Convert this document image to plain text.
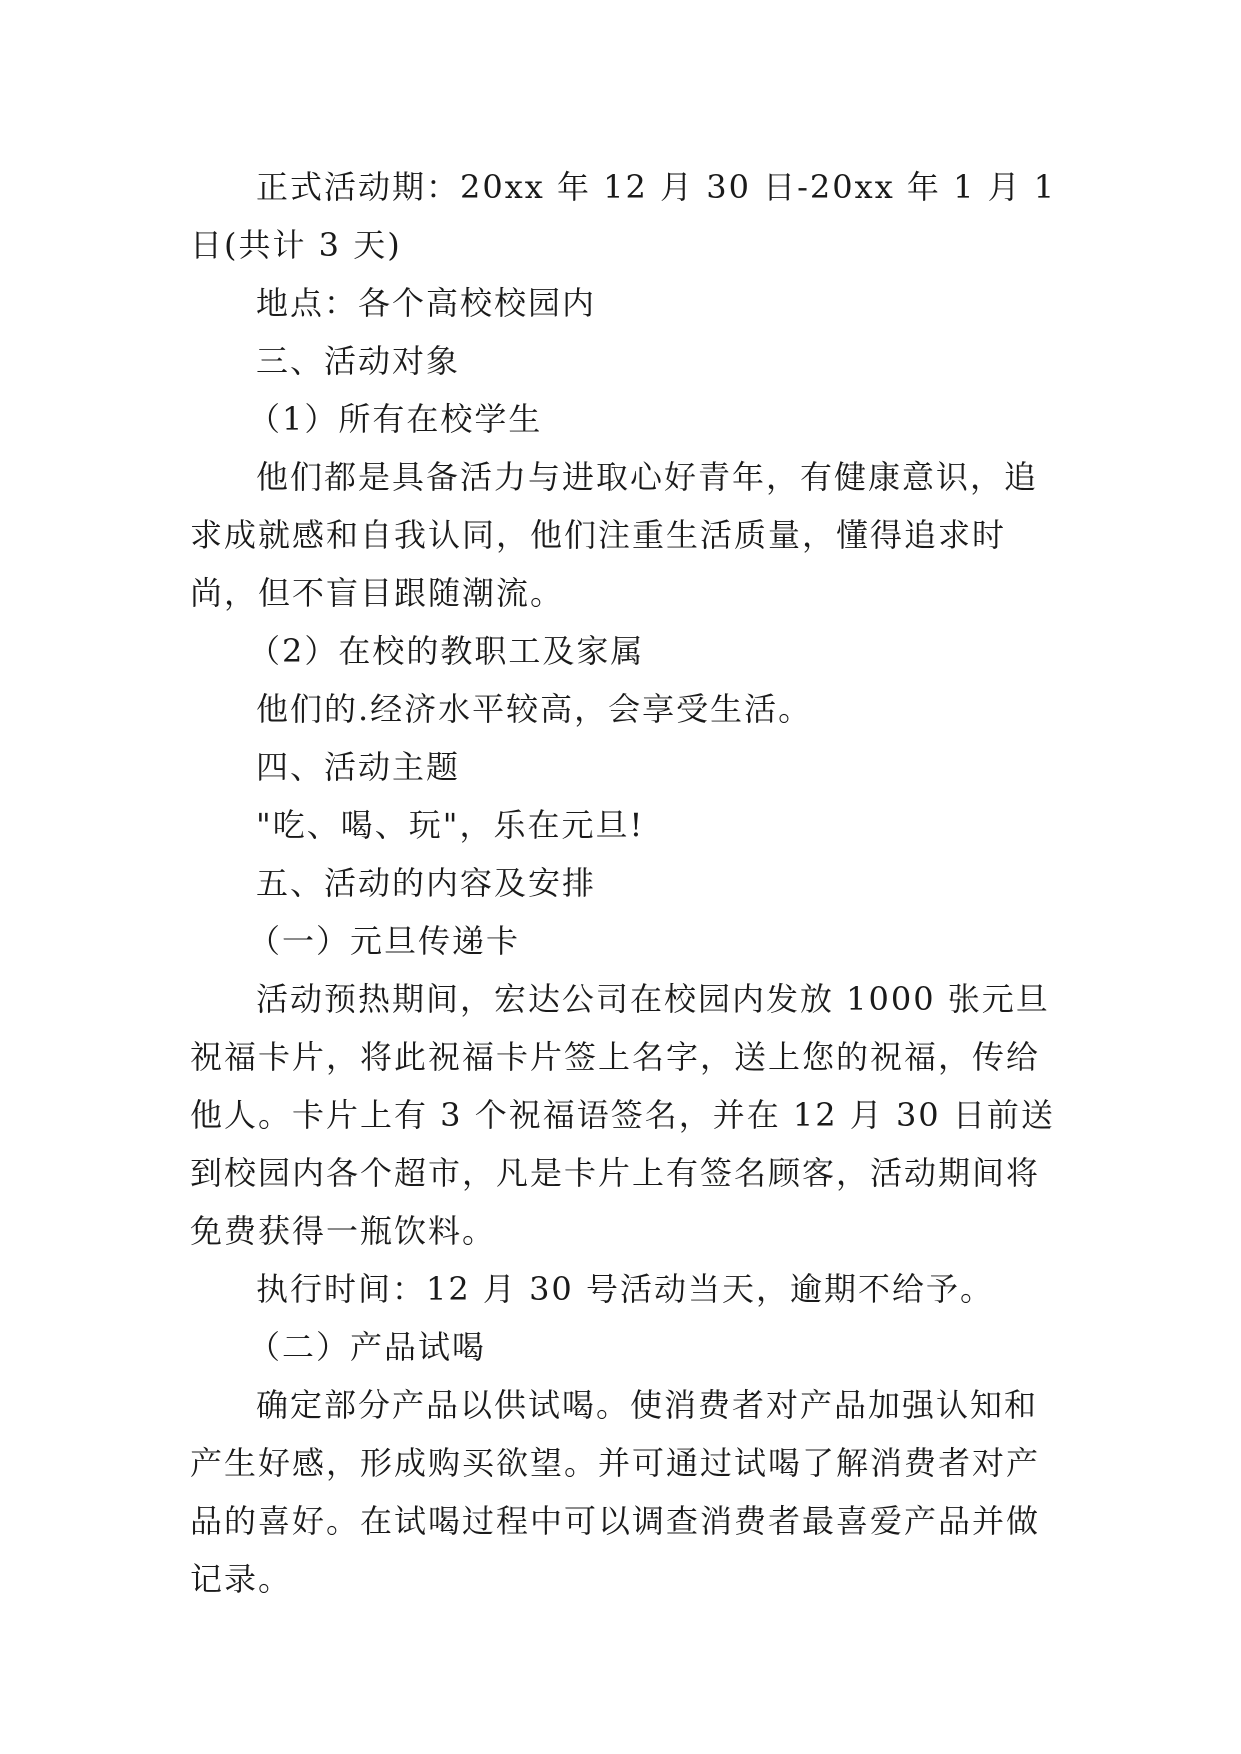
正式活动期：20xx 年 12 月 30 日-20xx 年 1 月 1 日(共计 3 天)

地点：各个高校校园内

三、活动对象

（1）所有在校学生

他们都是具备活力与进取心好青年，有健康意识，追求成就感和自我认同，他们注重生活质量，懂得追求时尚，但不盲目跟随潮流。

（2）在校的教职工及家属

他们的.经济水平较高，会享受生活。

四、活动主题

"吃、喝、玩"，乐在元旦!

五、活动的内容及安排

（一）元旦传递卡

活动预热期间，宏达公司在校园内发放 1000 张元旦祝福卡片，将此祝福卡片签上名字，送上您的祝福，传给他人。卡片上有 3 个祝福语签名，并在 12 月 30 日前送到校园内各个超市，凡是卡片上有签名顾客，活动期间将免费获得一瓶饮料。

执行时间：12 月 30 号活动当天，逾期不给予。

（二）产品试喝

确定部分产品以供试喝。使消费者对产品加强认知和产生好感，形成购买欲望。并可通过试喝了解消费者对产品的喜好。在试喝过程中可以调查消费者最喜爱产品并做记录。
